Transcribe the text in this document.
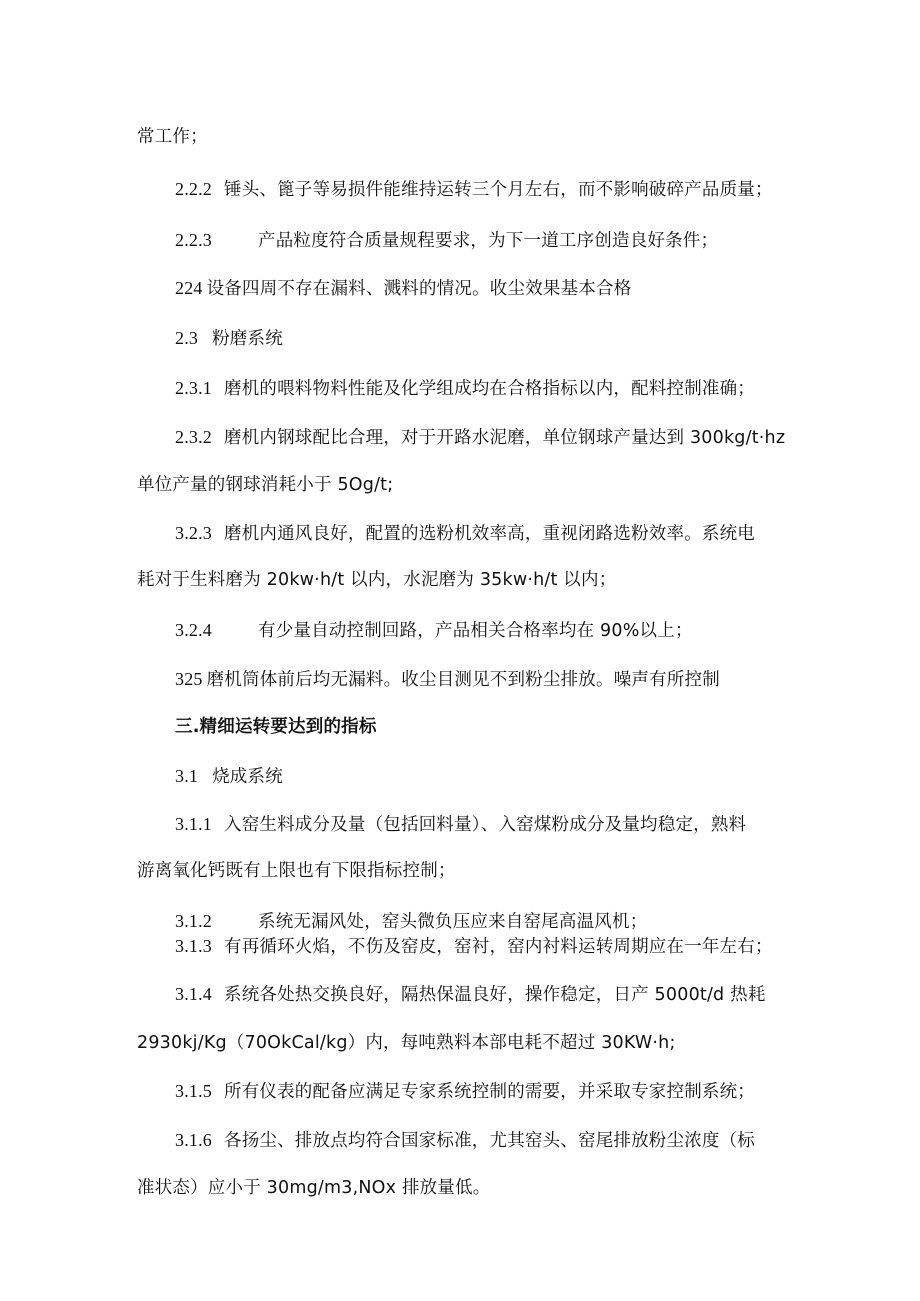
常工作；
2.2.2 锤头、篦子等易损件能维持运转三个月左右，而不影响破碎产品质量；
2.2.3	产品粒度符合质量规程要求，为下一道工序创造良好条件；
224 设备四周不存在漏料、溅料的情况。收尘效果基本合格
2.3 粉磨系统
2.3.1 磨机的喂料物料性能及化学组成均在合格指标以内，配料控制准确；
2.3.2 磨机内钢球配比合理，对于开路水泥磨，单位钢球产量达到 300kg/t·hz
单位产量的钢球消耗小于 5Og/t;
3.2.3 磨机内通风良好，配置的选粉机效率高，重视闭路选粉效率。系统电
耗对于生料磨为 20kw·h/t 以内，水泥磨为 35kw·h/t 以内；
3.2.4	有少量自动控制回路，产品相关合格率均在 90%以上；
325 磨机筒体前后均无漏料。收尘目测见不到粉尘排放。噪声有所控制
三.精细运转要达到的指标
3.1 烧成系统
3.1.1 入窑生料成分及量（包括回料量）、入窑煤粉成分及量均稳定，熟料
游离氧化钙既有上限也有下限指标控制；
3.1.2	系统无漏风处，窑头微负压应来自窑尾高温风机；
3.1.3 有再循环火焰，不伤及窑皮，窑衬，窑内衬料运转周期应在一年左右；
3.1.4 系统各处热交换良好，隔热保温良好，操作稳定，日产 5000t/d 热耗
2930kj/Kg（70OkCal/kg）内，每吨熟料本部电耗不超过 30KW·h;
3.1.5 所有仪表的配备应满足专家系统控制的需要，并采取专家控制系统；
3.1.6 各扬尘、排放点均符合国家标准，尤其窑头、窑尾排放粉尘浓度（标
准状态）应小于 30mg/m3,NOx 排放量低。
